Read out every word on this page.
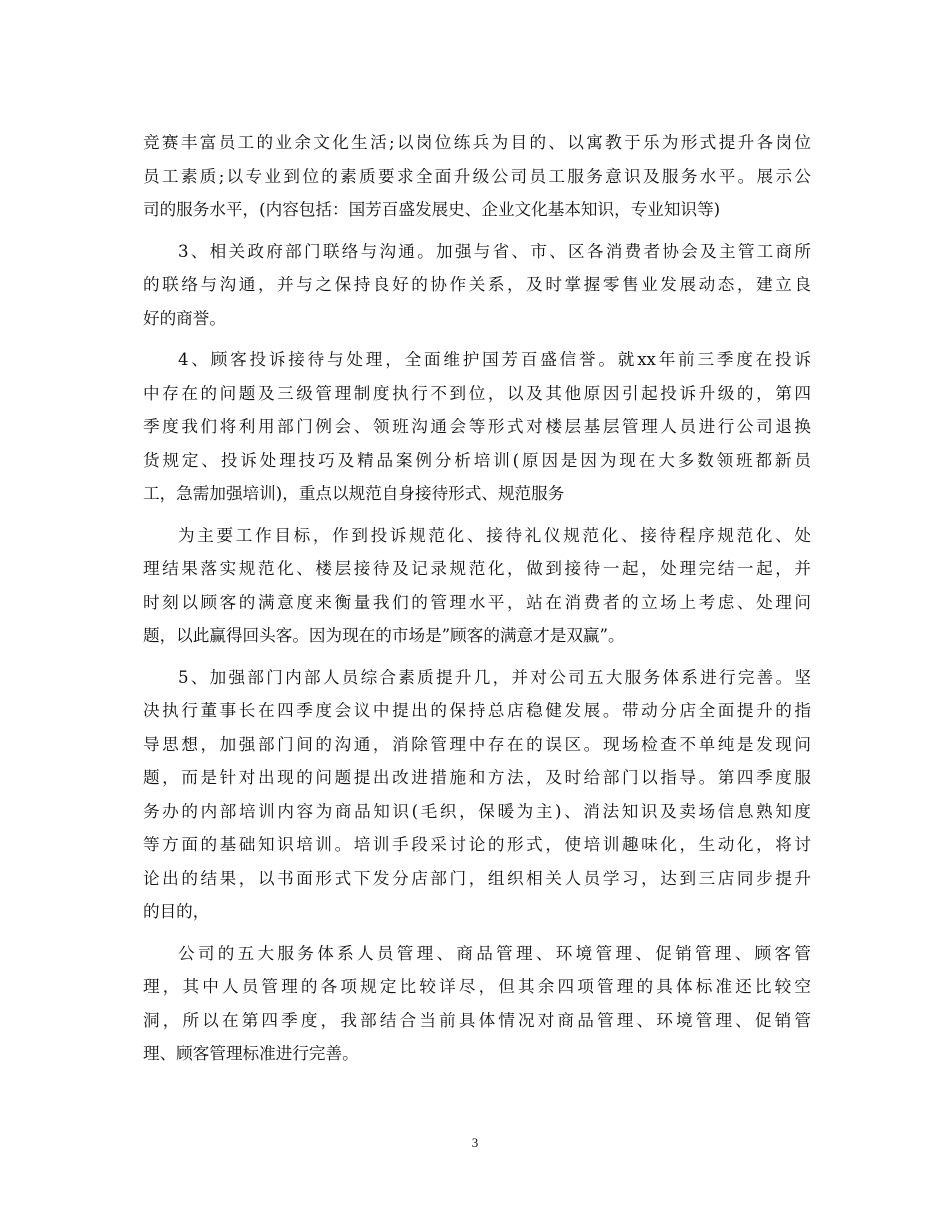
竞赛丰富员工的业余文化生活;以岗位练兵为目的、以寓教于乐为形式提升各岗位
员工素质;以专业到位的素质要求全面升级公司员工服务意识及服务水平。展示公
司的服务水平，(内容包括：国芳百盛发展史、企业文化基本知识，专业知识等)
3、相关政府部门联络与沟通。加强与省、市、区各消费者协会及主管工商所
的联络与沟通，并与之保持良好的协作关系，及时掌握零售业发展动态，建立良
好的商誉。
4、顾客投诉接待与处理，全面维护国芳百盛信誉。就xx年前三季度在投诉
中存在的问题及三级管理制度执行不到位，以及其他原因引起投诉升级的，第四
季度我们将利用部门例会、领班沟通会等形式对楼层基层管理人员进行公司退换
货规定、投诉处理技巧及精品案例分析培训(原因是因为现在大多数领班都新员
工，急需加强培训)，重点以规范自身接待形式、规范服务
为主要工作目标，作到投诉规范化、接待礼仪规范化、接待程序规范化、处
理结果落实规范化、楼层接待及记录规范化，做到接待一起，处理完结一起，并
时刻以顾客的满意度来衡量我们的管理水平，站在消费者的立场上考虑、处理问
题，以此赢得回头客。因为现在的市场是”顾客的满意才是双赢”。
5、加强部门内部人员综合素质提升几，并对公司五大服务体系进行完善。坚
决执行董事长在四季度会议中提出的保持总店稳健发展。带动分店全面提升的指
导思想，加强部门间的沟通，消除管理中存在的误区。现场检查不单纯是发现问
题，而是针对出现的问题提出改进措施和方法，及时给部门以指导。第四季度服
务办的内部培训内容为商品知识(毛织，保暖为主)、消法知识及卖场信息熟知度
等方面的基础知识培训。培训手段采讨论的形式，使培训趣味化，生动化，将讨
论出的结果，以书面形式下发分店部门，组织相关人员学习，达到三店同步提升
的目的，
公司的五大服务体系人员管理、商品管理、环境管理、促销管理、顾客管
理，其中人员管理的各项规定比较详尽，但其余四项管理的具体标准还比较空
洞，所以在第四季度，我部结合当前具体情况对商品管理、环境管理、促销管
理、顾客管理标准进行完善。
3
